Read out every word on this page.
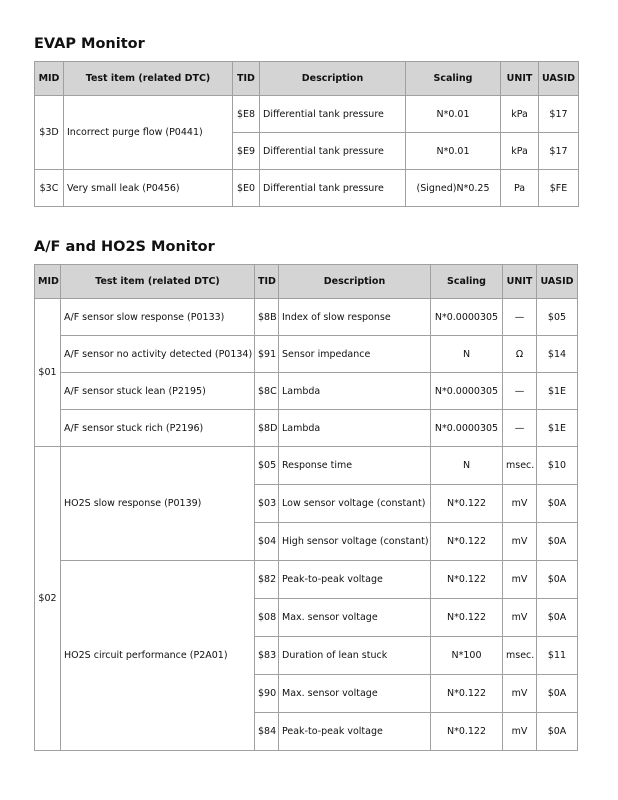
EVAP Monitor
MID	Test item (related DTC)	TID	Description	Scaling	UNIT	UASID
$3D	Incorrect purge flow (P0441)	$E8	Differential tank pressure	N*0.01	kPa	$17
		$E9	Differential tank pressure	N*0.01	kPa	$17
$3C	Very small leak (P0456)	$E0	Differential tank pressure	(Signed)N*0.25	Pa	$FE
A/F and HO2S Monitor
MID	Test item (related DTC)	TID	Description	Scaling	UNIT	UASID
$01	A/F sensor slow response (P0133)	$8B	Index of slow response	N*0.0000305	—	$05
	A/F sensor no activity detected (P0134)	$91	Sensor impedance	N	Ω	$14
	A/F sensor stuck lean (P2195)	$8C	Lambda	N*0.0000305	—	$1E
	A/F sensor stuck rich (P2196)	$8D	Lambda	N*0.0000305	—	$1E
$02	HO2S slow response (P0139)	$05	Response time	N	msec.	$10
		$03	Low sensor voltage (constant)	N*0.122	mV	$0A
		$04	High sensor voltage (constant)	N*0.122	mV	$0A
	HO2S circuit performance (P2A01)	$82	Peak-to-peak voltage	N*0.122	mV	$0A
		$08	Max. sensor voltage	N*0.122	mV	$0A
		$83	Duration of lean stuck	N*100	msec.	$11
		$90	Max. sensor voltage	N*0.122	mV	$0A
		$84	Peak-to-peak voltage	N*0.122	mV	$0A
